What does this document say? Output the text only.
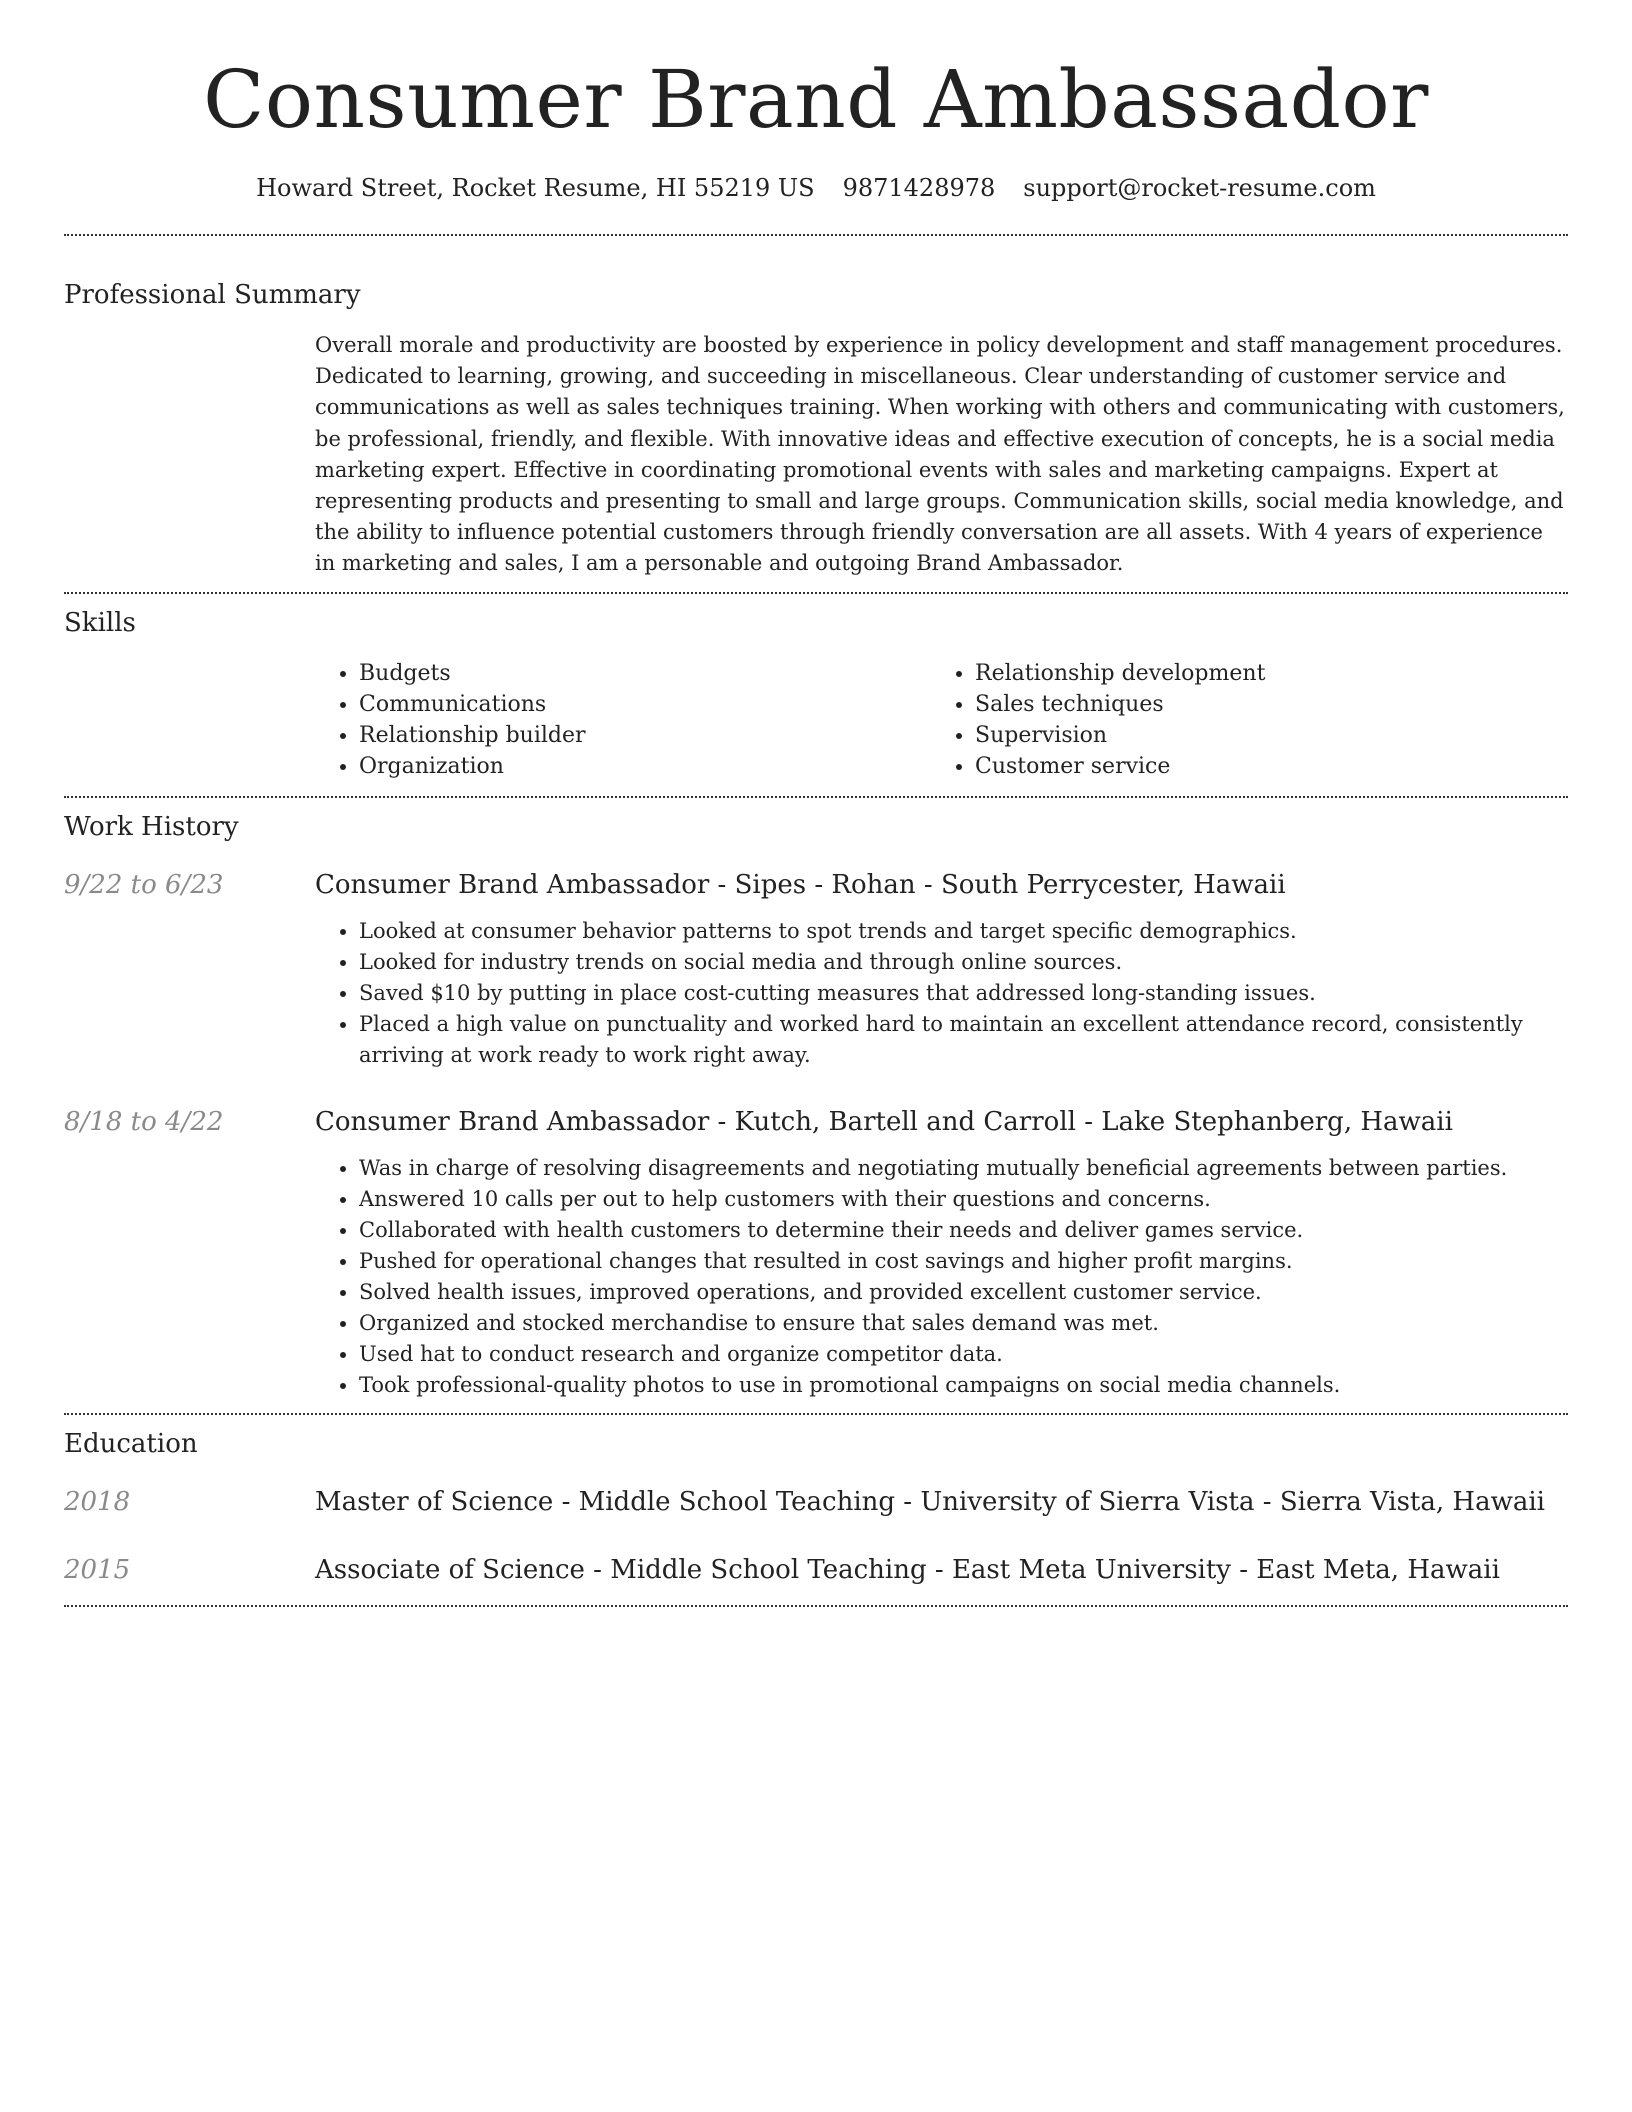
Consumer Brand Ambassador
Howard Street, Rocket Resume, HI 55219 US 9871428978 support@rocket-resume.com
Professional Summary

Overall morale and productivity are boosted by experience in policy development and staff management procedures. Dedicated to learning, growing, and succeeding in miscellaneous. Clear understanding of customer service and communications as well as sales techniques training. When working with others and communicating with customers, be professional, friendly, and flexible. With innovative ideas and effective execution of concepts, he is a social media marketing expert. Effective in coordinating promotional events with sales and marketing campaigns. Expert at representing products and presenting to small and large groups. Communication skills, social media knowledge, and the ability to influence potential customers through friendly conversation are all assets. With 4 years of experience in marketing and sales, I am a personable and outgoing Brand Ambassador.

Skills
• Budgets
• Communications
• Relationship builder
• Organization
• Relationship development
• Sales techniques
• Supervision
• Customer service
Work History
9/22 to 6/23	Consumer Brand Ambassador - Sipes - Rohan - South Perrycester, Hawaii
• Looked at consumer behavior patterns to spot trends and target specific demographics.
• Looked for industry trends on social media and through online sources.
• Saved $10 by putting in place cost-cutting measures that addressed long-standing issues.
• Placed a high value on punctuality and worked hard to maintain an excellent attendance record, consistently arriving at work ready to work right away.
8/18 to 4/22	Consumer Brand Ambassador - Kutch, Bartell and Carroll - Lake Stephanberg, Hawaii
• Was in charge of resolving disagreements and negotiating mutually beneficial agreements between parties.
• Answered 10 calls per out to help customers with their questions and concerns.
• Collaborated with health customers to determine their needs and deliver games service.
• Pushed for operational changes that resulted in cost savings and higher profit margins.
• Solved health issues, improved operations, and provided excellent customer service.
• Organized and stocked merchandise to ensure that sales demand was met.
• Used hat to conduct research and organize competitor data.
• Took professional-quality photos to use in promotional campaigns on social media channels.
Education
2018	Master of Science - Middle School Teaching - University of Sierra Vista - Sierra Vista, Hawaii
2015	Associate of Science - Middle School Teaching - East Meta University - East Meta, Hawaii
